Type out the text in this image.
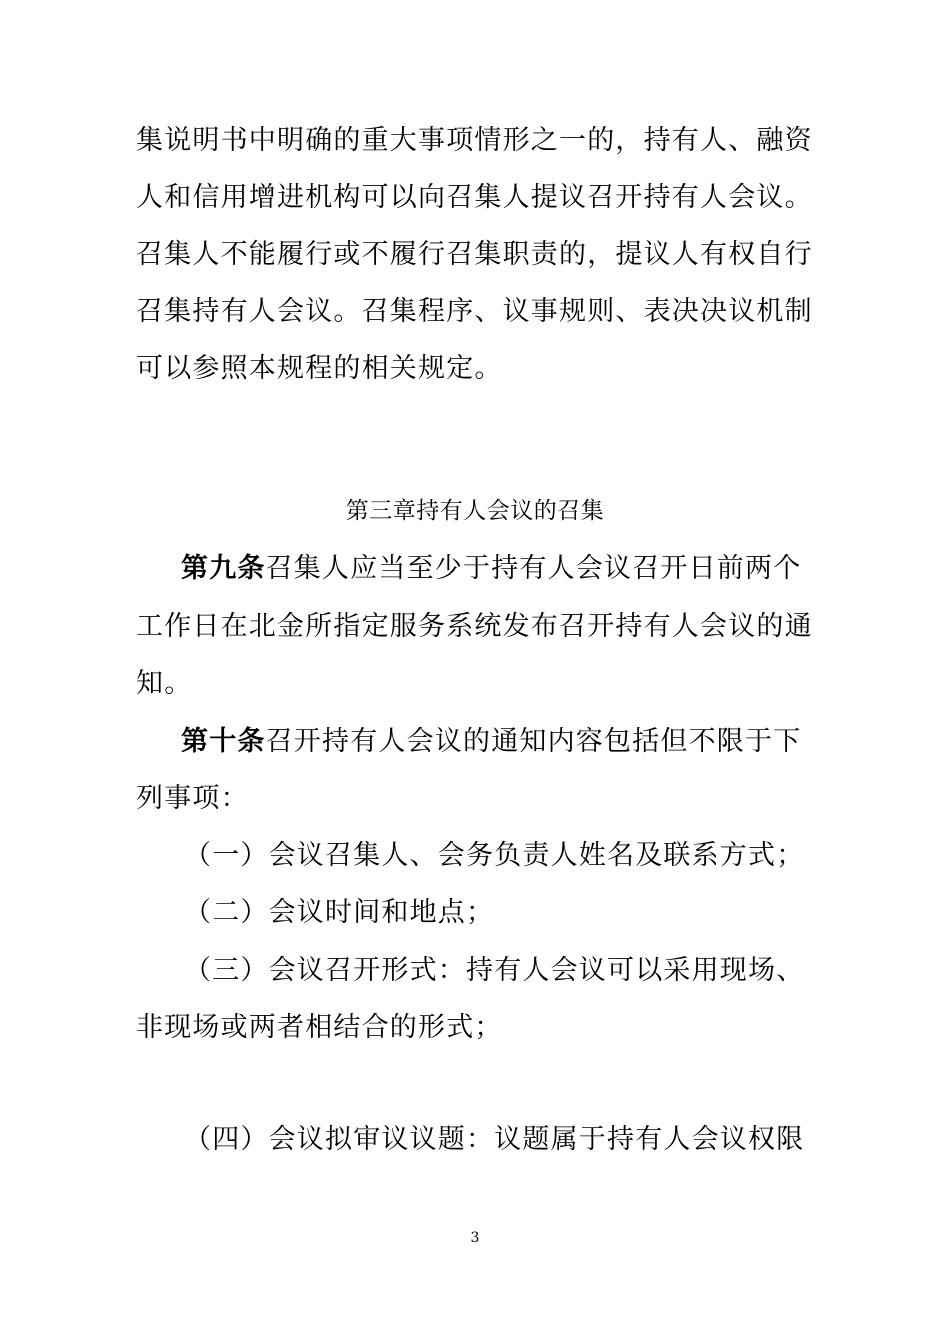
集说明书中明确的重大事项情形之一的，持有人、融资
人和信用增进机构可以向召集人提议召开持有人会议。
召集人不能履行或不履行召集职责的，提议人有权自行
召集持有人会议。召集程序、议事规则、表决决议机制
可以参照本规程的相关规定。
第三章持有人会议的召集
第九条召集人应当至少于持有人会议召开日前两个
工作日在北金所指定服务系统发布召开持有人会议的通
知。
第十条召开持有人会议的通知内容包括但不限于下
列事项：
（一）会议召集人、会务负责人姓名及联系方式；
（二）会议时间和地点；
（三）会议召开形式：持有人会议可以采用现场、
非现场或两者相结合的形式；
（四）会议拟审议议题：议题属于持有人会议权限
3
